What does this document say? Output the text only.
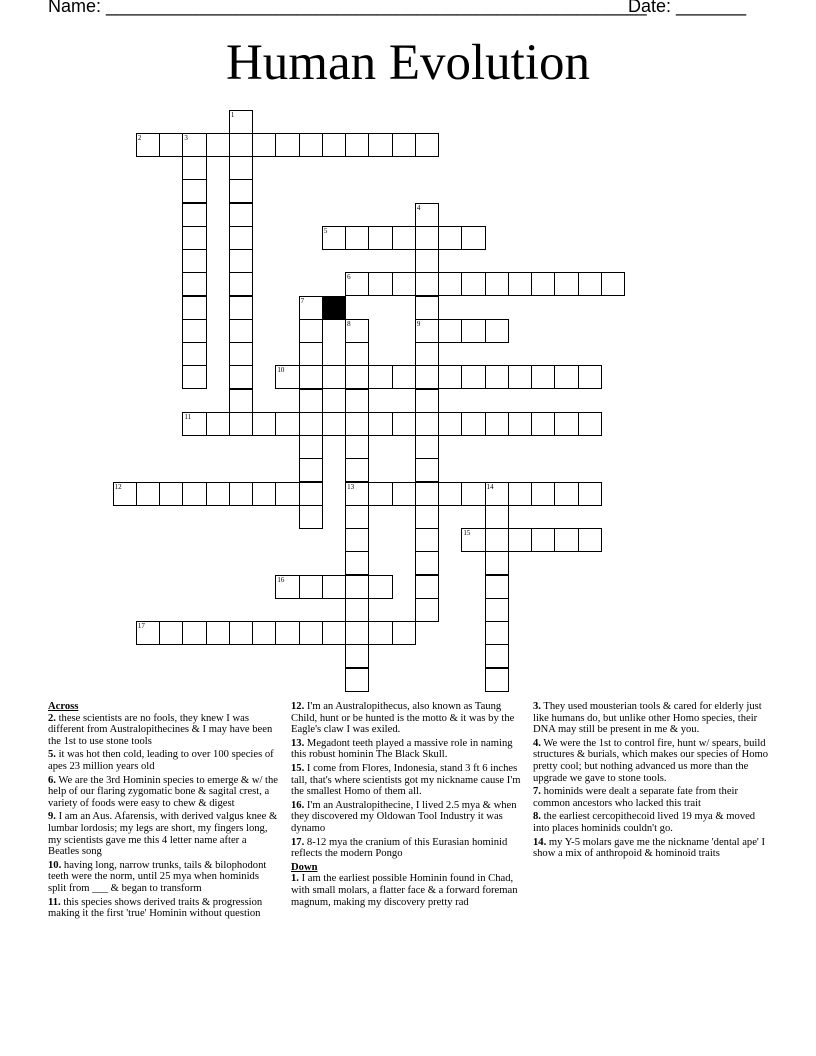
Name: ______________________________________________________
Date: _______
Human Evolution
1
2	3
4
9
5
6
7
8
13
10
11
12	14
15
16
17
Across
2. these scientists are no fools, they knew I was different from Australopithecines & I may have been the 1st to use stone tools
5. it was hot then cold, leading to over 100 species of apes 23 million years old
6. We are the 3rd Hominin species to emerge & w/ the help of our flaring zygomatic bone & sagital crest, a variety of foods were easy to chew & digest
9. I am an Aus. Afarensis, with derived valgus knee & lumbar lordosis; my legs are short, my fingers long, my scientists gave me this 4 letter name after a Beatles song
10. having long, narrow trunks, tails & bilophodont teeth were the norm, until 25 mya when hominids split from ___ & began to transform
11. this species shows derived traits & progression making it the first 'true' Hominin without question
12. I'm an Australopithecus, also known as Taung Child, hunt or be hunted is the motto & it was by the Eagle's claw I was exiled.
13. Megadont teeth played a massive role in naming this robust hominin The Black Skull.
15. I come from Flores, Indonesia, stand 3 ft 6 inches tall, that's where scientists got my nickname cause I'm the smallest Homo of them all.
16. I'm an Australopithecine, I lived 2.5 mya & when they discovered my Oldowan Tool Industry it was dynamo
17. 8-12 mya the cranium of this Eurasian hominid reflects the modern Pongo
Down
1. I am the earliest possible Hominin found in Chad, with small molars, a flatter face & a forward foreman magnum, making my discovery pretty rad
3. They used mousterian tools & cared for elderly just like humans do, but unlike other Homo species, their DNA may still be present in me & you.
4. We were the 1st to control fire, hunt w/ spears, build structures & burials, which makes our species of Homo pretty cool; but nothing advanced us more than the upgrade we gave to stone tools.
7. hominids were dealt a separate fate from their common ancestors who lacked this trait
8. the earliest cercopithecoid lived 19 mya & moved into places hominids couldn't go.
14. my Y-5 molars gave me the nickname 'dental ape' I show a mix of anthropoid & hominoid traits
